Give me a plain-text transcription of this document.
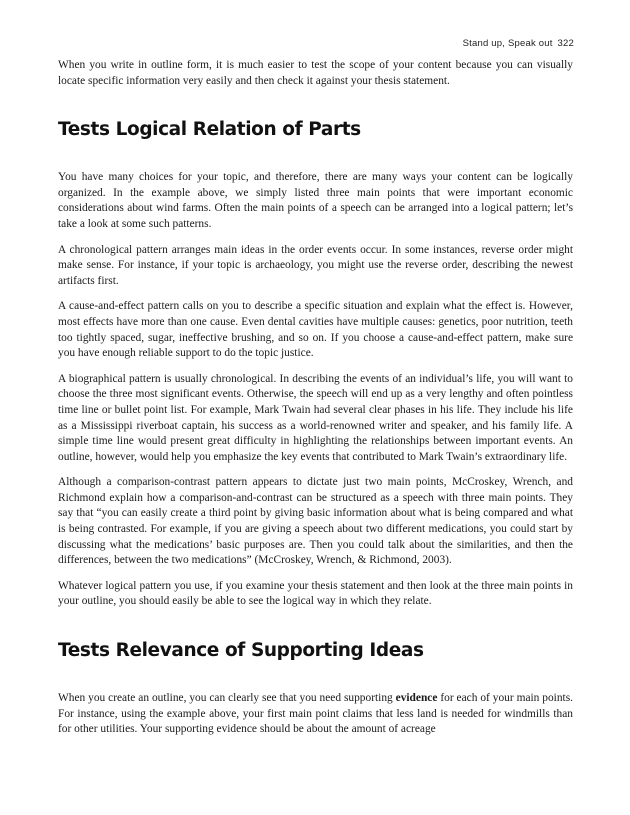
Stand up, Speak out 322

When you write in outline form, it is much easier to test the scope of your content because you can visually locate specific information very easily and then check it against your thesis statement.

Tests Logical Relation of Parts

You have many choices for your topic, and therefore, there are many ways your content can be logically organized. In the example above, we simply listed three main points that were important economic considerations about wind farms. Often the main points of a speech can be arranged into a logical pattern; let’s take a look at some such patterns.

A chronological pattern arranges main ideas in the order events occur. In some instances, reverse order might make sense. For instance, if your topic is archaeology, you might use the reverse order, describing the newest artifacts first.

A cause-and-effect pattern calls on you to describe a specific situation and explain what the effect is. However, most effects have more than one cause. Even dental cavities have multiple causes: genetics, poor nutrition, teeth too tightly spaced, sugar, ineffective brushing, and so on. If you choose a cause-and-effect pattern, make sure you have enough reliable support to do the topic justice.

A biographical pattern is usually chronological. In describing the events of an individual’s life, you will want to choose the three most significant events. Otherwise, the speech will end up as a very lengthy and often pointless time line or bullet point list. For example, Mark Twain had several clear phases in his life. They include his life as a Mississippi riverboat captain, his success as a world-renowned writer and speaker, and his family life. A simple time line would present great difficulty in highlighting the relationships between important events. An outline, however, would help you emphasize the key events that contributed to Mark Twain’s extraordinary life.

Although a comparison-contrast pattern appears to dictate just two main points, McCroskey, Wrench, and Richmond explain how a comparison-and-contrast can be structured as a speech with three main points. They say that “you can easily create a third point by giving basic information about what is being compared and what is being contrasted. For example, if you are giving a speech about two different medications, you could start by discussing what the medications’ basic purposes are. Then you could talk about the similarities, and then the differences, between the two medications” (McCroskey, Wrench, & Richmond, 2003).

Whatever logical pattern you use, if you examine your thesis statement and then look at the three main points in your outline, you should easily be able to see the logical way in which they relate.

Tests Relevance of Supporting Ideas

When you create an outline, you can clearly see that you need supporting evidence for each of your main points. For instance, using the example above, your first main point claims that less land is needed for windmills than for other utilities. Your supporting evidence should be about the amount of acreage
